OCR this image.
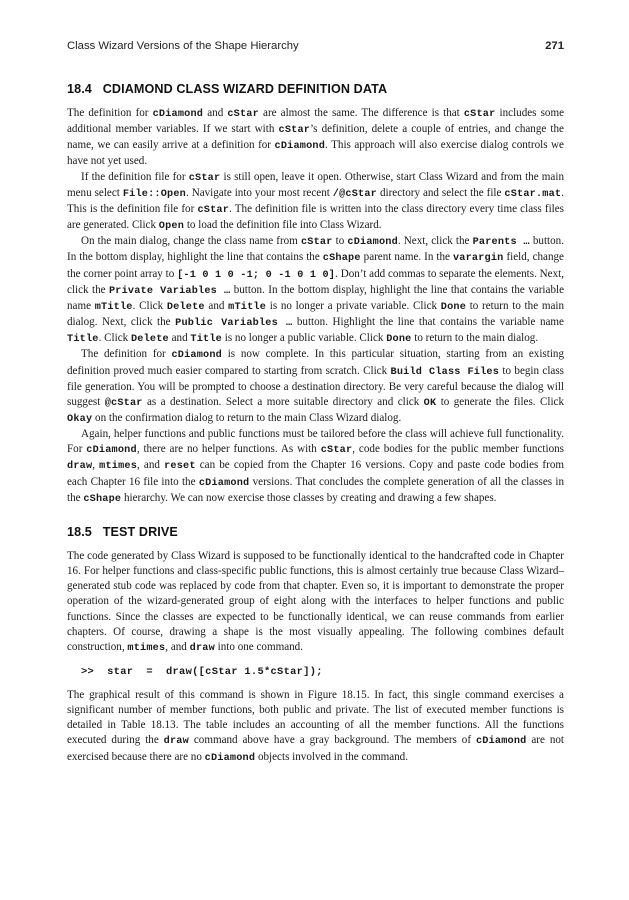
Class Wizard Versions of the Shape Hierarchy	271
18.4   CDIAMOND CLASS WIZARD DEFINITION DATA

The definition for cDiamond and cStar are almost the same. The difference is that cStar includes some additional member variables. If we start with cStar’s definition, delete a couple of entries, and change the name, we can easily arrive at a definition for cDiamond. This approach will also exercise dialog controls we have not yet used.

If the definition file for cStar is still open, leave it open. Otherwise, start Class Wizard and from the main menu select File::Open. Navigate into your most recent /@cStar directory and select the file cStar.mat. This is the definition file for cStar. The definition file is written into the class directory every time class files are generated. Click Open to load the definition file into Class Wizard.

On the main dialog, change the class name from cStar to cDiamond. Next, click the Parents … button. In the bottom display, highlight the line that contains the cShape parent name. In the varargin field, change the corner point array to [-1 0 1 0 -1; 0 -1 0 1 0]. Don’t add commas to separate the elements. Next, click the Private Variables … button. In the bottom display, highlight the line that contains the variable name mTitle. Click Delete and mTitle is no longer a private variable. Click Done to return to the main dialog. Next, click the Public Variables … button. Highlight the line that contains the variable name Title. Click Delete and Title is no longer a public variable. Click Done to return to the main dialog.

The definition for cDiamond is now complete. In this particular situation, starting from an existing definition proved much easier compared to starting from scratch. Click Build Class Files to begin class file generation. You will be prompted to choose a destination directory. Be very careful because the dialog will suggest @cStar as a destination. Select a more suitable directory and click OK to generate the files. Click Okay on the confirmation dialog to return to the main Class Wizard dialog.

Again, helper functions and public functions must be tailored before the class will achieve full functionality. For cDiamond, there are no helper functions. As with cStar, code bodies for the public member functions draw, mtimes, and reset can be copied from the Chapter 16 versions. Copy and paste code bodies from each Chapter 16 file into the cDiamond versions. That concludes the complete generation of all the classes in the cShape hierarchy. We can now exercise those classes by creating and drawing a few shapes.

18.5   TEST DRIVE

The code generated by Class Wizard is supposed to be functionally identical to the handcrafted code in Chapter 16. For helper functions and class-specific public functions, this is almost certainly true because Class Wizard–generated stub code was replaced by code from that chapter. Even so, it is important to demonstrate the proper operation of the wizard-generated group of eight along with the interfaces to helper functions and public functions. Since the classes are expected to be functionally identical, we can reuse commands from earlier chapters. Of course, drawing a shape is the most visually appealing. The following combines default construction, mtimes, and draw into one command.

>>  star  =  draw([cStar 1.5*cStar]);

The graphical result of this command is shown in Figure 18.15. In fact, this single command exercises a significant number of member functions, both public and private. The list of executed member functions is detailed in Table 18.13. The table includes an accounting of all the member functions. All the functions executed during the draw command above have a gray background. The members of cDiamond are not exercised because there are no cDiamond objects involved in the command.
